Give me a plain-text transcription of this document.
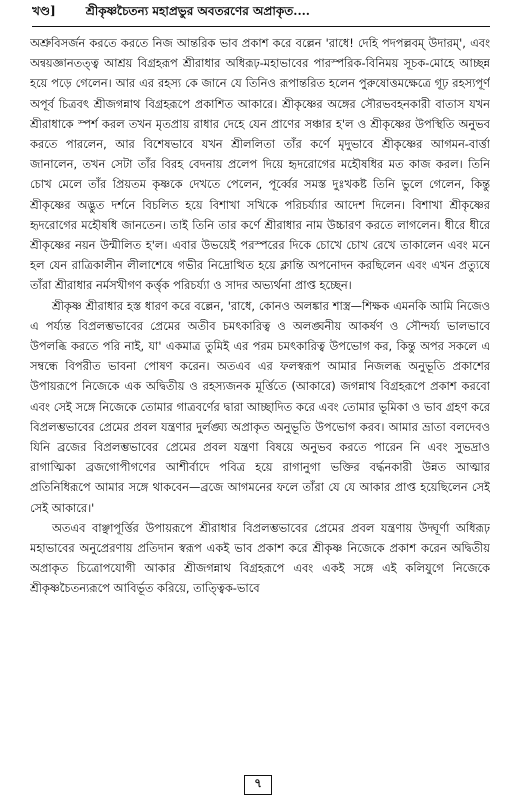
খণ্ড]	শ্রীকৃষ্ণচৈতন্য মহাপ্রভুর অবতরণের অপ্রাকৃত....

অশ্রুবিসর্জন করতে করতে নিজ আন্তরিক ভাব প্রকাশ করে বল্লেন 'রাধে! দেহি পদপল্লবম্ উদারম্', এবং অন্বয়জ্ঞানতত্ত্ব আশ্রয় বিগ্রহরূপ শ্রীরাধার অধিরূঢ়-মহাভাবের পারস্পরিক-বিনিময় সূচক-মোহে আচ্ছন্ন হয়ে পড়ে গেলেন। আর এর রহস্য কে জানে যে তিনিও রূপান্তরিত হলেন পুরুষোত্তমক্ষেত্রে গূঢ় রহস্যপূর্ণ অপূর্ব চিত্রবৎ শ্রীজগন্নাথ বিগ্রহরূপে প্রকাশিত আকারে। শ্রীকৃষ্ণের অঙ্গের সৌরভবহনকারী বাতাস যখন শ্রীরাধাকে স্পর্শ করল তখন মৃতপ্রায় রাধার দেহে যেন প্রাণের সঞ্চার হ'ল ও শ্রীকৃষ্ণের উপস্থিতি অনুভব করতে পারলেন, আর বিশেষভাবে যখন শ্রীললিতা তাঁর কর্ণে মৃদুভাবে শ্রীকৃষ্ণের আগমন-বার্ত্তা জানালেন, তখন সেটা তাঁর বিরহ বেদনায় প্রলেপ দিয়ে হৃদরোগের মহৌষধির মত কাজ করল। তিনি চোখ মেলে তাঁর প্রিয়তম কৃষ্ণকে দেখতে পেলেন, পূর্ব্বের সমস্ত দুঃখকষ্ট তিনি ভুলে গেলেন, কিন্তু শ্রীকৃষ্ণের অদ্ভুত দর্শনে বিচলিত হয়ে বিশাখা সখিকে পরিচর্য্যার আদেশ দিলেন। বিশাখা শ্রীকৃষ্ণের হৃদরোগের মহৌষধি জানতেন। তাই তিনি তার কর্ণে শ্রীরাধার নাম উচ্চারণ করতে লাগলেন। ধীরে ধীরে শ্রীকৃষ্ণের নয়ন উন্মীলিত হ'ল। এবার উভয়েই পরস্পরের দিকে চোখে চোখ রেখে তাকালেন এবং মনে হল যেন রাত্রিকালীন লীলাশেষে গভীর নিদ্রোত্থিত হয়ে ক্লান্তি অপনোদন করছিলেন এবং এখন প্রত্যুষে তাঁরা শ্রীরাধার নর্মসখীগণ কর্ত্তৃক পরিচর্য্যা ও সাদর অভ্যর্থনা প্রাপ্ত হচ্ছেন।

শ্রীকৃষ্ণ শ্রীরাধার হস্ত ধারণ করে বল্লেন, 'রাধে, কোনও অলঙ্কার শাস্ত্র—শিক্ষক এমনকি আমি নিজেও এ পর্য্যন্ত বিপ্রলম্ভভাবের প্রেমের অতীব চমৎকারিত্ব ও অলঙ্ঘনীয় আকর্ষণ ও সৌন্দর্য্য ভালভাবে উপলব্ধি করতে পরি নাই, যা' একমাত্র তুমিই এর পরম চমৎকারিত্ব উপভোগ কর, কিন্তু অপর সকলে এ সম্বন্ধে বিপরীত ভাবনা পোষণ করেন। অতএব এর ফলস্বরূপ আমার নিজলব্ধ অনুভূতি প্রকাশের উপায়রূপে নিজেকে এক অদ্বিতীয় ও রহস্যজনক মূর্ত্তিতে (আকারে) জগন্নাথ বিগ্রহরূপে প্রকাশ করবো এবং সেই সঙ্গে নিজেকে তোমার গাত্রবর্ণের দ্বারা আচ্ছাদিত করে এবং তোমার ভূমিকা ও ভাব গ্রহণ করে বিপ্রলম্ভভাবের প্রেমের প্রবল যন্ত্রণার দুর্লঙ্ঘ্য অপ্রাকৃত অনুভূতি উপভোগ করব। আমার ভ্রাতা বলদেবও যিনি ব্রজের বিপ্রলম্ভভাবের প্রেমের প্রবল যন্ত্রণা বিষয়ে অনুভব করতে পারেন নি এবং সুভদ্রাও রাগাত্মিকা ব্রজগোপীগণের আশীর্বাদে পবিত্র হয়ে রাগানুগা ভক্তির বর্দ্ধনকারী উন্নত আত্মার প্রতিনিধিরূপে আমার সঙ্গে থাকবেন—ব্রজে আগমনের ফলে তাঁরা যে যে আকার প্রাপ্ত হয়েছিলেন সেই সেই আকারে।'

অতএব বাঞ্ছাপূর্ত্তির উপায়রূপে শ্রীরাধার বিপ্রলম্ভভাবের প্রেমের প্রবল যন্ত্রণায় উদ্ঘূর্ণা অধিরূঢ় মহাভাবের অনুপ্রেরণায় প্রতিদান স্বরূপ একই ভাব প্রকাশ করে শ্রীকৃষ্ণ নিজেকে প্রকাশ করেন অদ্বিতীয় অপ্রাকৃত চিত্রোপযোগী আকার শ্রীজগন্নাথ বিগ্রহরূপে এবং একই সঙ্গে এই কলিযুগে নিজেকে শ্রীকৃষ্ণচৈতন্যরূপে আবির্ভূত করিয়ে, তাত্ত্বিক-ভাবে

৭
